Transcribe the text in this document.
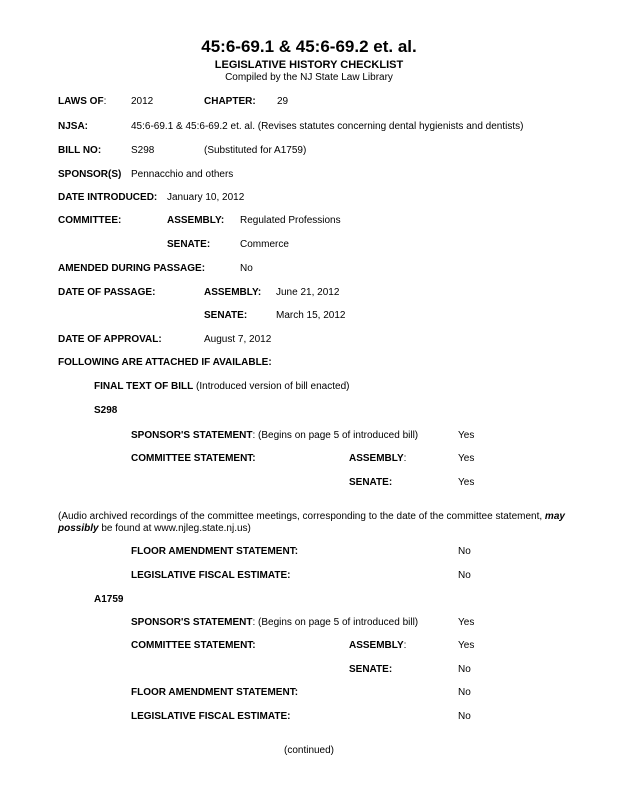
45:6-69.1 & 45:6-69.2 et. al.
LEGISLATIVE HISTORY CHECKLIST
Compiled by the NJ State Law Library
LAWS OF: 2012	CHAPTER: 29
NJSA:	45:6-69.1 & 45:6-69.2 et. al. (Revises statutes concerning dental hygienists and dentists)
BILL NO:	S298	(Substituted for A1759)
SPONSOR(S) Pennacchio and others
DATE INTRODUCED: January 10, 2012
COMMITTEE:	ASSEMBLY: Regulated Professions
SENATE:	Commerce
AMENDED DURING PASSAGE:	No
DATE OF PASSAGE:	ASSEMBLY: June 21, 2012
SENATE:	March 15, 2012
DATE OF APPROVAL:	August 7, 2012
FOLLOWING ARE ATTACHED IF AVAILABLE:
FINAL TEXT OF BILL (Introduced version of bill enacted)
S298
SPONSOR'S STATEMENT: (Begins on page 5 of introduced bill)	Yes
COMMITTEE STATEMENT:	ASSEMBLY:	Yes
SENATE:	Yes
(Audio archived recordings of the committee meetings, corresponding to the date of the committee statement, may possibly be found at www.njleg.state.nj.us)
FLOOR AMENDMENT STATEMENT:	No
LEGISLATIVE FISCAL ESTIMATE:	No
A1759
SPONSOR'S STATEMENT: (Begins on page 5 of introduced bill)	Yes
COMMITTEE STATEMENT:	ASSEMBLY:	Yes
SENATE:	No
FLOOR AMENDMENT STATEMENT:	No
LEGISLATIVE FISCAL ESTIMATE:	No
(continued)
